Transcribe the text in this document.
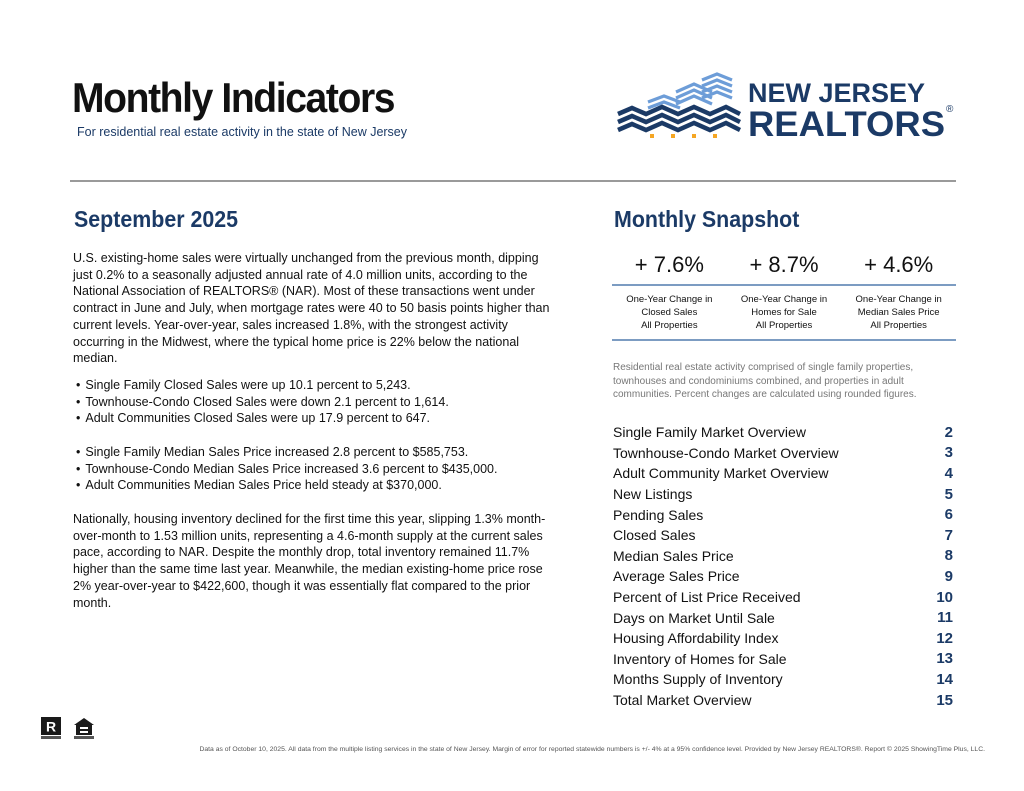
Monthly Indicators
For residential real estate activity in the state of New Jersey
NEW JERSEY
REALTORS ®
September 2025

U.S. existing-home sales were virtually unchanged from the previous month, dipping just 0.2% to a seasonally adjusted annual rate of 4.0 million units, according to the National Association of REALTORS® (NAR). Most of these transactions went under contract in June and July, when mortgage rates were 40 to 50 basis points higher than current levels. Year-over-year, sales increased 1.8%, with the strongest activity occurring in the Midwest, where the typical home price is 22% below the national median.

• Single Family Closed Sales were up 10.1 percent to 5,243.
• Townhouse-Condo Closed Sales were down 2.1 percent to 1,614.
• Adult Communities Closed Sales were up 17.9 percent to 647.
• Single Family Median Sales Price increased 2.8 percent to $585,753.
• Townhouse-Condo Median Sales Price increased 3.6 percent to $435,000.
• Adult Communities Median Sales Price held steady at $370,000.

Nationally, housing inventory declined for the first time this year, slipping 1.3% month-over-month to 1.53 million units, representing a 4.6-month supply at the current sales pace, according to NAR. Despite the monthly drop, total inventory remained 11.7% higher than the same time last year. Meanwhile, the median existing-home price rose 2% year-over-year to $422,600, though it was essentially flat compared to the prior month.

Monthly Snapshot
+ 7.6%	+ 8.7%	+ 4.6%
One-Year Change in
Closed Sales
All Properties
One-Year Change in
Homes for Sale
All Properties
One-Year Change in
Median Sales Price
All Properties

Residential real estate activity comprised of single family properties, townhouses and condominiums combined, and properties in adult communities. Percent changes are calculated using rounded figures.

Single Family Market Overview	2
Townhouse-Condo Market Overview	3
Adult Community Market Overview	4
New Listings	5
Pending Sales	6
Closed Sales	7
Median Sales Price	8
Average Sales Price	9
Percent of List Price Received	10
Days on Market Until Sale	11
Housing Affordability Index	12
Inventory of Homes for Sale	13
Months Supply of Inventory	14
Total Market Overview	15
R

Data as of October 10, 2025. All data from the multiple listing services in the state of New Jersey. Margin of error for reported statewide numbers is +/- 4% at a 95% confidence level. Provided by New Jersey REALTORS®. Report © 2025 ShowingTime Plus, LLC.
